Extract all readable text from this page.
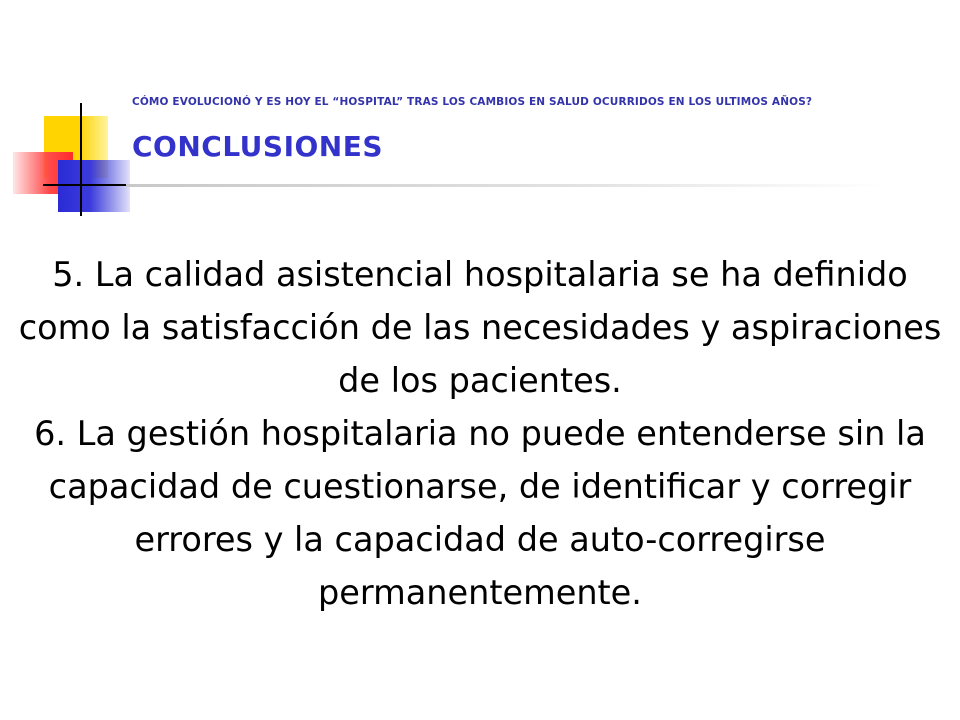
CÓMO EVOLUCIONÓ Y ES HOY EL “HOSPITAL” TRAS LOS CAMBIOS EN SALUD OCURRIDOS EN LOS ULTIMOS AÑOS?
CONCLUSIONES

5. La calidad asistencial hospitalaria se ha definido como la satisfacción de las necesidades y aspiraciones de los pacientes.

6. La gestión hospitalaria no puede entenderse sin la capacidad de cuestionarse, de identificar y corregir errores y la capacidad de auto-corregirse permanentemente.
